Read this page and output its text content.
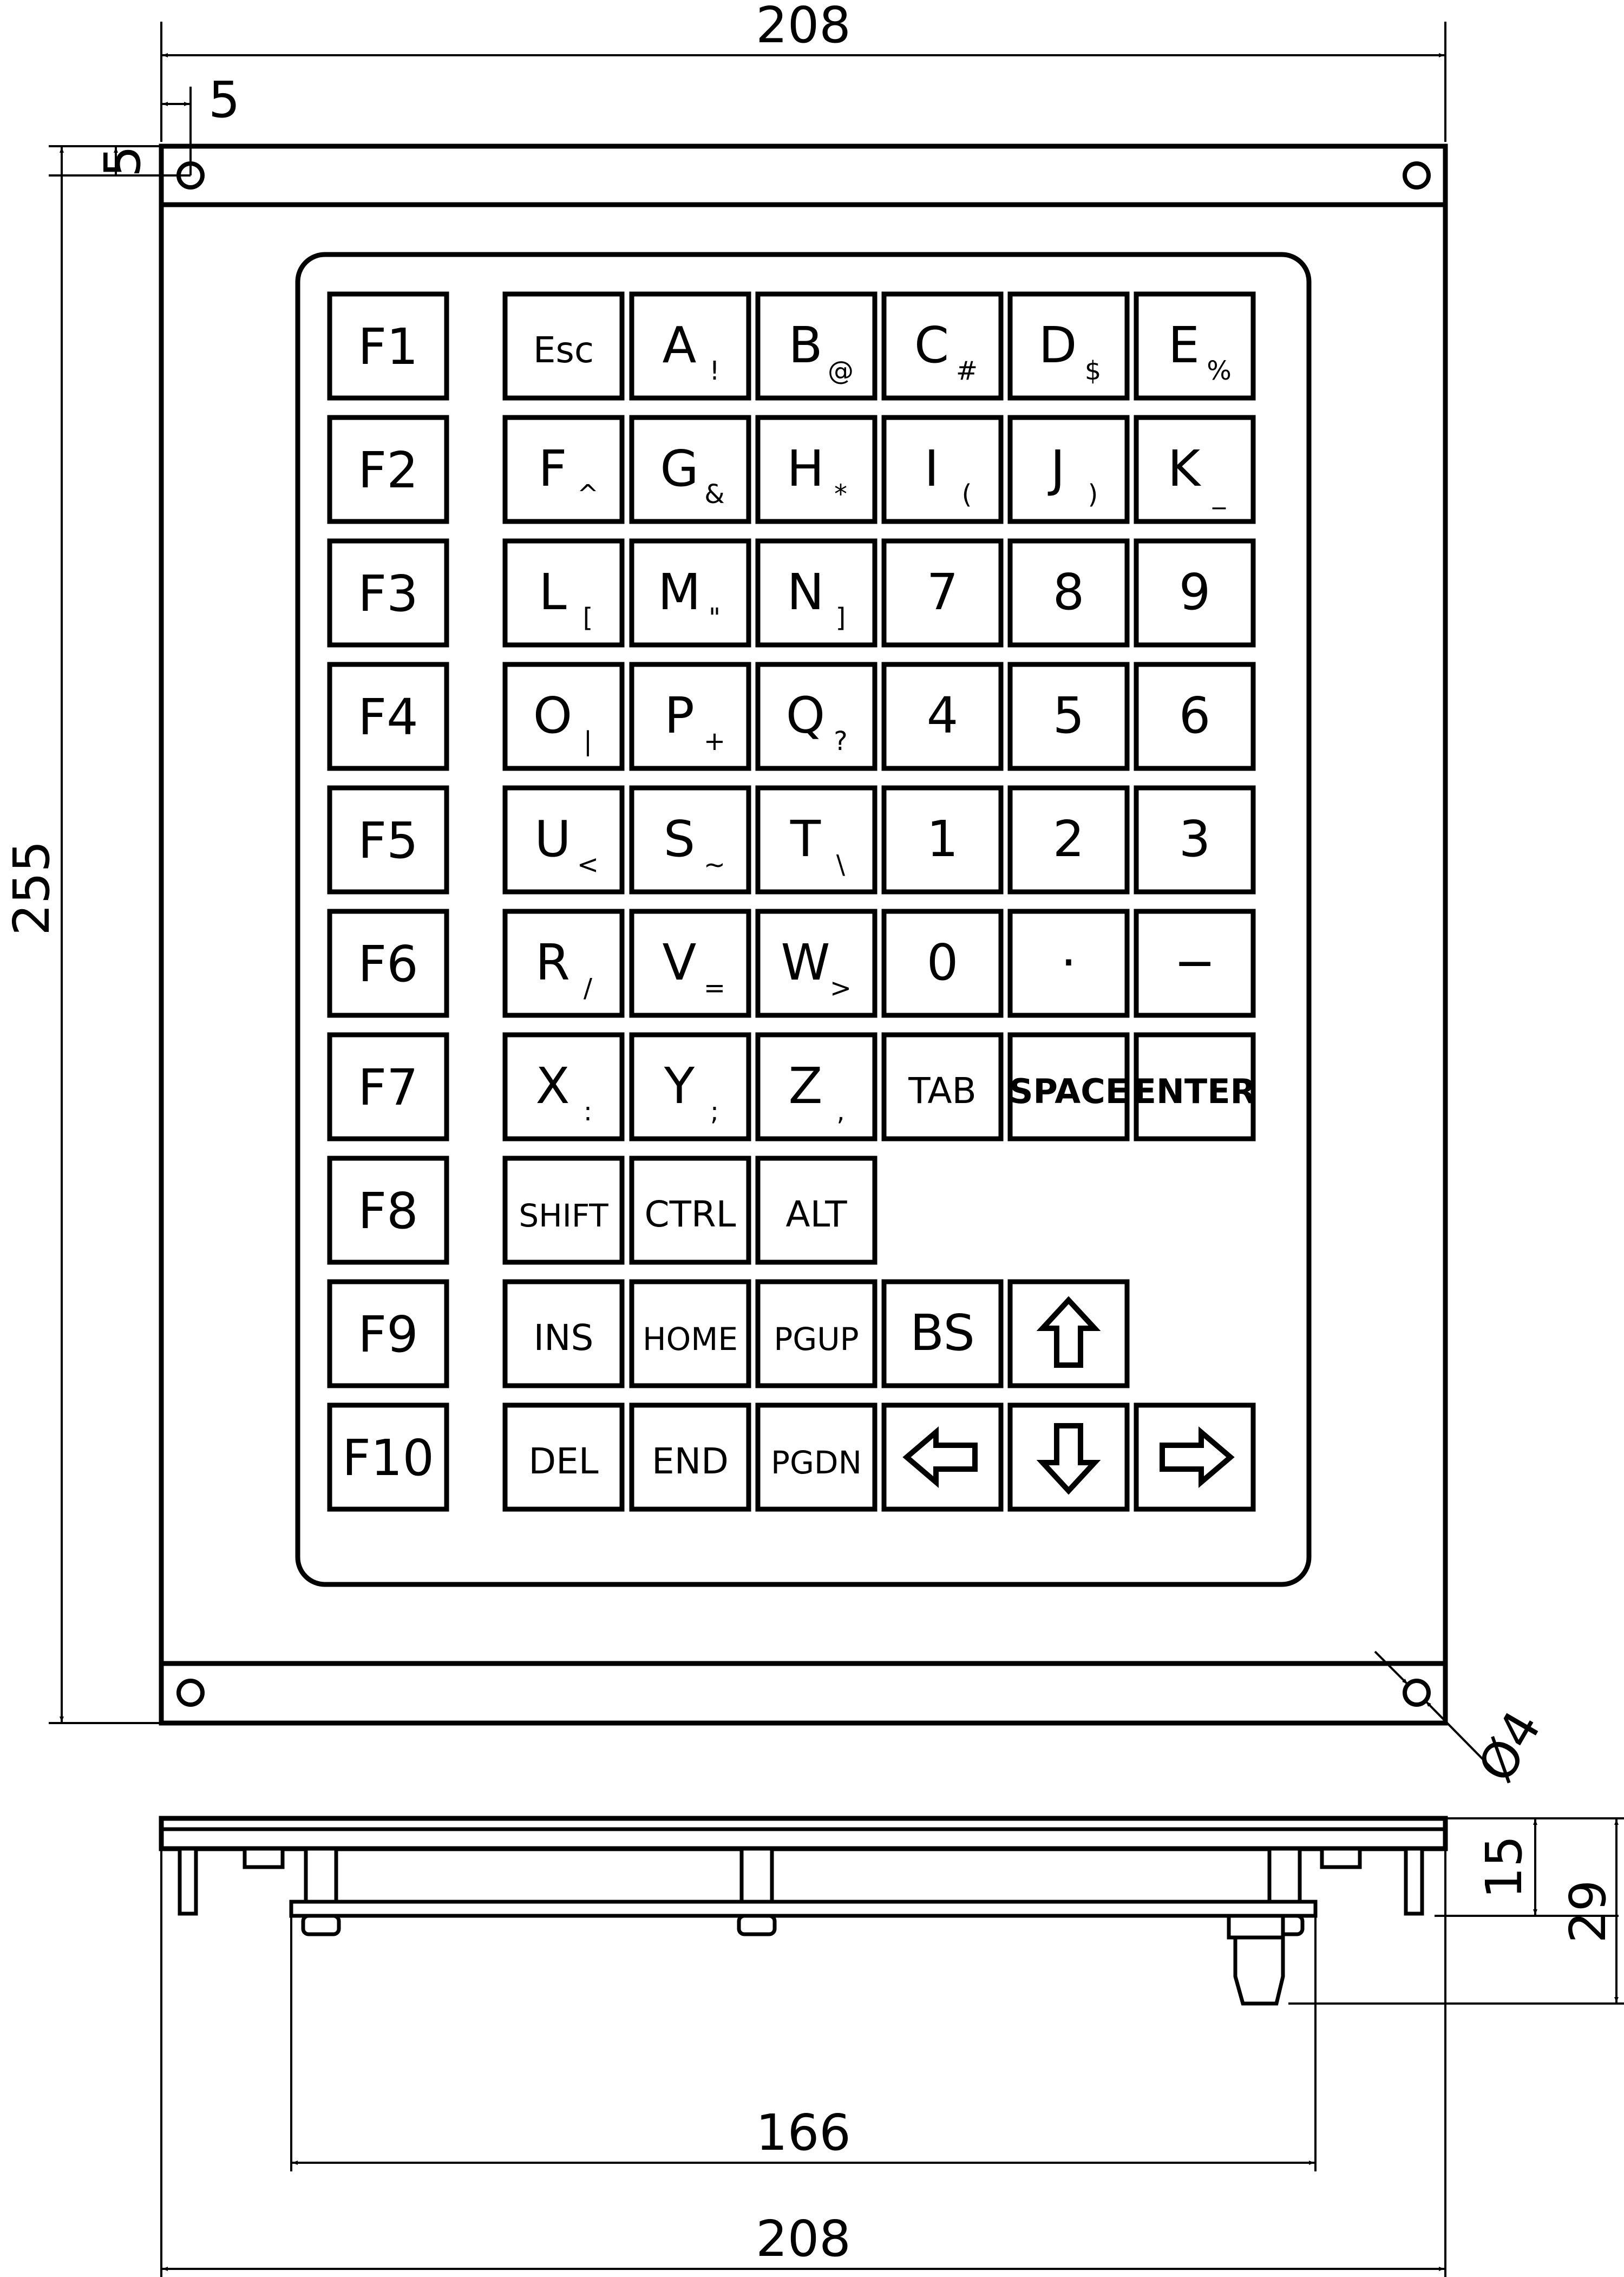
F1
F2
F3
F4
F5
F6
F7
F8
F9
F10
Esc A ! B @ C # D $ E %
F ^ G & H * I ( J ) K _
L [ M " N ] 7 8 9
O | P + Q ? 4 5 6
U < S ~ T \ 1 2 3
R / V = W > 0 · −
X : Y ; Z , TAB SPACE ENTER
SHIFT CTRL ALT
INS HOME PGUP BS
DEL END PGDN
208
5
5
255
Ø4
15
29
166
208
